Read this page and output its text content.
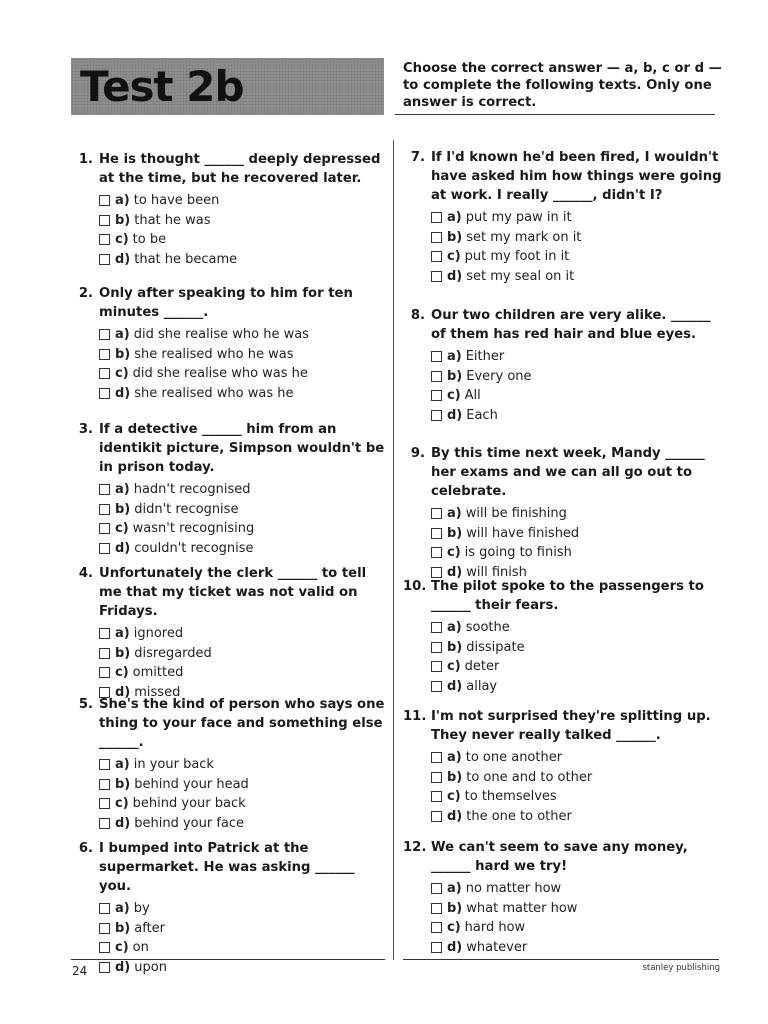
Test 2b	Choose the correct answer — a, b, c or d — to complete the following texts. Only one answer is correct.
1. He is thought ______ deeply depressed at the time, but he recovered later.
a) to have been
b) that he was
c) to be
d) that he became
2. Only after speaking to him for ten minutes ______.
a) did she realise who he was
b) she realised who he was
c) did she realise who was he
d) she realised who was he
3. If a detective ______ him from an identikit picture, Simpson wouldn't be in prison today.
a) hadn't recognised
b) didn't recognise
c) wasn't recognising
d) couldn't recognise
4. Unfortunately the clerk ______ to tell me that my ticket was not valid on Fridays.
a) ignored
b) disregarded
c) omitted
d) missed
5. She's the kind of person who says one thing to your face and something else ______.
a) in your back
b) behind your head
c) behind your back
d) behind your face
6. I bumped into Patrick at the supermarket. He was asking ______ you.
a) by
b) after
c) on
d) upon
7. If I'd known he'd been fired, I wouldn't have asked him how things were going at work. I really ______, didn't I?
a) put my paw in it
b) set my mark on it
c) put my foot in it
d) set my seal on it
8. Our two children are very alike. ______ of them has red hair and blue eyes.
a) Either
b) Every one
c) All
d) Each
9. By this time next week, Mandy ______ her exams and we can all go out to celebrate.
a) will be finishing
b) will have finished
c) is going to finish
d) will finish
10. The pilot spoke to the passengers to ______ their fears.
a) soothe
b) dissipate
c) deter
d) allay
11. I'm not surprised they're splitting up. They never really talked ______.
a) to one another
b) to one and to other
c) to themselves
d) the one to other
12. We can't seem to save any money, ______ hard we try!
a) no matter how
b) what matter how
c) hard how
d) whatever
24	stanley publishing
